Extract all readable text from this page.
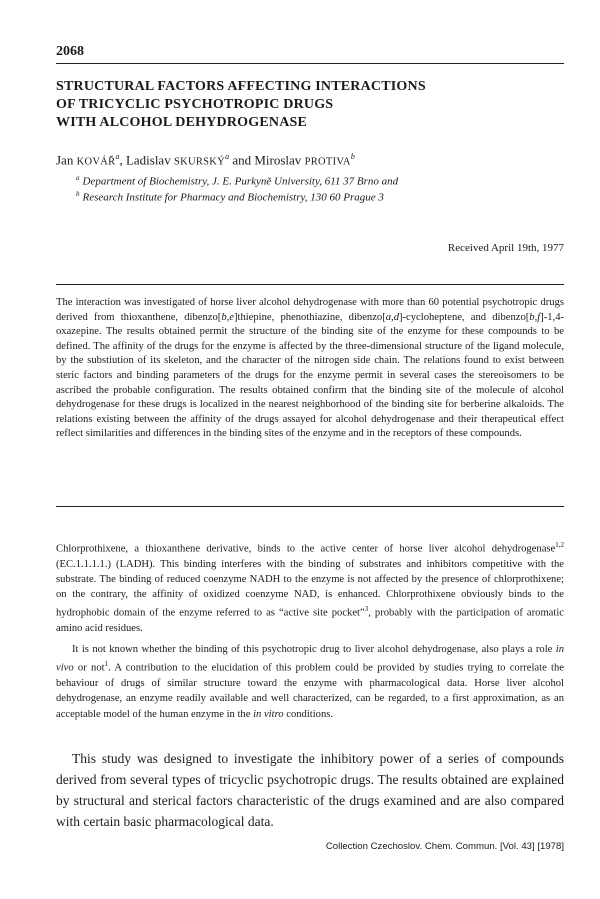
2068
STRUCTURAL FACTORS AFFECTING INTERACTIONS
OF TRICYCLIC PSYCHOTROPIC DRUGS
WITH ALCOHOL DEHYDROGENASE
Jan KOVÁŘ$^a$, Ladislav SKURSKÝ$^a$ and Miroslav PROTIVA$^b$
$^a$ Department of Biochemistry, J. E. Purkyně University, 611 37 Brno and
$^b$ Research Institute for Pharmacy and Biochemistry, 130 60 Prague 3
Received April 19th, 1977
The interaction was investigated of horse liver alcohol dehydrogenase with more than 60 potential psychotropic drugs derived from thioxanthene, dibenzo[b,e]thiepine, phenothiazine, dibenzo[a,d]-cycloheptene, and dibenzo[b,f]-1,4-oxazepine. The results obtained permit the structure of the binding site of the enzyme for these compounds to be defined. The affinity of the drugs for the enzyme is affected by the three-dimensional structure of the ligand molecule, by the substiution of its skeleton, and the character of the nitrogen side chain. The relations found to exist between steric factors and binding parameters of the drugs for the enzyme permit in several cases the stereoisomers to be ascribed the probable configuration. The results obtained confirm that the binding site of the molecule of alcohol dehydrogenase for these drugs is localized in the nearest neighborhood of the binding site for berberine alkaloids. The relations existing between the affinity of the drugs assayed for alcohol dehydrogenase and their therapeutical effect reflect similarities and differences in the binding sites of the enzyme and in the receptors of these compounds.

Chlorprothixene, a thioxanthene derivative, binds to the active center of horse liver alcohol dehydrogenase$^{1,2}$ (EC.1.1.1.1.) (LADH). This binding interferes with the binding of substrates and inhibitors competitive with the substrate. The binding of reduced coenzyme NADH to the enzyme is not affected by the presence of chlorprothixene; on the contrary, the affinity of oxidized coenzyme NAD, is enhanced. Chlorprothixene obviously binds to the hydrophobic domain of the enzyme referred to as “active site pocket”$^3$, probably with the participation of aromatic amino acid residues.

It is not known whether the binding of this psychotropic drug to liver alcohol dehydrogenase, also plays a role in vivo or not$^1$. A contribution to the elucidation of this problem could be provided by studies trying to correlate the behaviour of drugs of similar structure toward the enzyme with pharmacological data. Horse liver alcohol dehydrogenase, an enzyme readily available and well characterized, can be regarded, to a first approximation, as an acceptable model of the human enzyme in the in vitro conditions.

This study was designed to investigate the inhibitory power of a series of compounds derived from several types of tricyclic psychotropic drugs. The results obtained are explained by structural and sterical factors characteristic of the drugs examined and are also compared with certain basic pharmacological data.

Collection Czechoslov. Chem. Commun. [Vol. 43] [1978]
